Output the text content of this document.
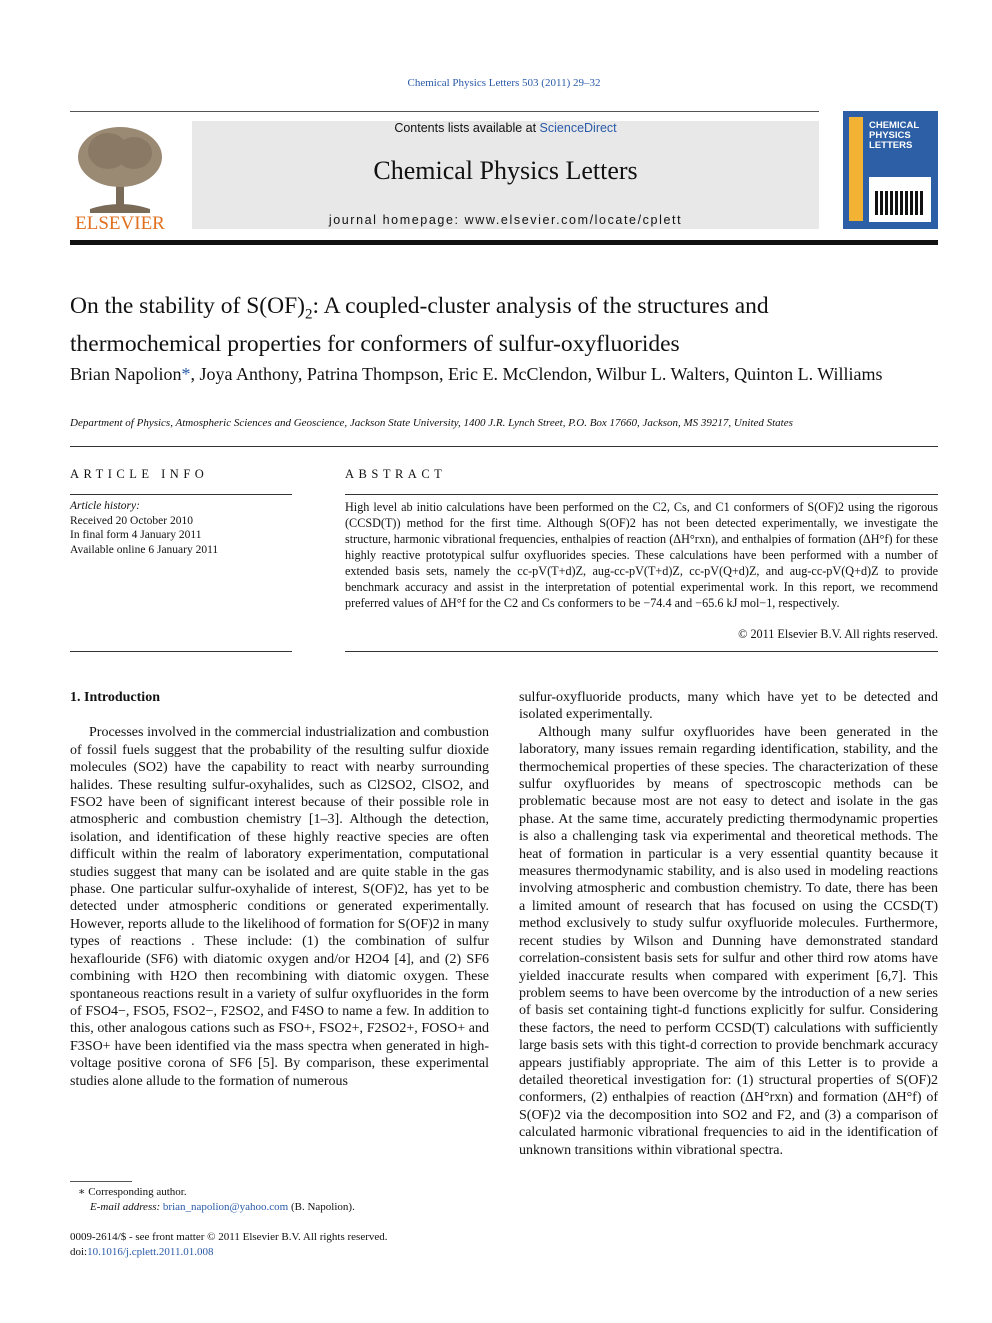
Chemical Physics Letters 503 (2011) 29–32
ELSEVIER
Contents lists available at ScienceDirect
Chemical Physics Letters
journal homepage: www.elsevier.com/locate/cplett
CHEMICAL PHYSICS LETTERS
On the stability of $S(OF)_2$: A coupled-cluster analysis of the structures and thermochemical properties for conformers of sulfur-oxyfluorides
Brian Napolion*, Joya Anthony, Patrina Thompson, Eric E. McClendon, Wilbur L. Walters, Quinton L. Williams
Department of Physics, Atmospheric Sciences and Geoscience, Jackson State University, 1400 J.R. Lynch Street, P.O. Box 17660, Jackson, MS 39217, United States
ARTICLE INFO
Article history:
Received 20 October 2010
In final form 4 January 2011
Available online 6 January 2011
ABSTRACT
High level ab initio calculations have been performed on the C2, Cs, and C1 conformers of S(OF)2 using the rigorous (CCSD(T)) method for the first time. Although S(OF)2 has not been detected experimentally, we investigate the structure, harmonic vibrational frequencies, enthalpies of reaction (ΔH°rxn), and enthalpies of formation (ΔH°f) for these highly reactive prototypical sulfur oxyfluorides species. These calculations have been performed with a number of extended basis sets, namely the cc-pV(T+d)Z, aug-cc-pV(T+d)Z, cc-pV(Q+d)Z, and aug-cc-pV(Q+d)Z to provide benchmark accuracy and assist in the interpretation of potential experimental work. In this report, we recommend preferred values of ΔH°f for the C2 and Cs conformers to be −74.4 and −65.6 kJ mol−1, respectively.
© 2011 Elsevier B.V. All rights reserved.

1. Introduction

Processes involved in the commercial industrialization and combustion of fossil fuels suggest that the probability of the resulting sulfur dioxide molecules (SO2) have the capability to react with nearby surrounding halides. These resulting sulfur-oxyhalides, such as Cl2SO2, ClSO2, and FSO2 have been of significant interest because of their possible role in atmospheric and combustion chemistry [1–3]. Although the detection, isolation, and identification of these highly reactive species are often difficult within the realm of laboratory experimentation, computational studies suggest that many can be isolated and are quite stable in the gas phase. One particular sulfur-oxyhalide of interest, S(OF)2, has yet to be detected under atmospheric conditions or generated experimentally. However, reports allude to the likelihood of formation for S(OF)2 in many types of reactions . These include: (1) the combination of sulfur hexaflouride (SF6) with diatomic oxygen and/or H2O4 [4], and (2) SF6 combining with H2O then recombining with diatomic oxygen. These spontaneous reactions result in a variety of sulfur oxyfluorides in the form of FSO4−, FSO5, FSO2−, F2SO2, and F4SO to name a few. In addition to this, other analogous cations such as FSO+, FSO2+, F2SO2+, FOSO+ and F3SO+ have been identified via the mass spectra when generated in high-voltage positive corona of SF6 [5]. By comparison, these experimental studies alone allude to the formation of numerous

sulfur-oxyfluoride products, many which have yet to be detected and isolated experimentally.

Although many sulfur oxyfluorides have been generated in the laboratory, many issues remain regarding identification, stability, and the thermochemical properties of these species. The characterization of these sulfur oxyfluorides by means of spectroscopic methods can be problematic because most are not easy to detect and isolate in the gas phase. At the same time, accurately predicting thermodynamic properties is also a challenging task via experimental and theoretical methods. The heat of formation in particular is a very essential quantity because it measures thermodynamic stability, and is also used in modeling reactions involving atmospheric and combustion chemistry. To date, there has been a limited amount of research that has focused on using the CCSD(T) method exclusively to study sulfur oxyfluoride molecules. Furthermore, recent studies by Wilson and Dunning have demonstrated standard correlation-consistent basis sets for sulfur and other third row atoms have yielded inaccurate results when compared with experiment [6,7]. This problem seems to have been overcome by the introduction of a new series of basis set containing tight-d functions explicitly for sulfur. Considering these factors, the need to perform CCSD(T) calculations with sufficiently large basis sets with this tight-d correction to provide benchmark accuracy appears justifiably appropriate. The aim of this Letter is to provide a detailed theoretical investigation for: (1) structural properties of S(OF)2 conformers, (2) enthalpies of reaction (ΔH°rxn) and formation (ΔH°f) of S(OF)2 via the decomposition into SO2 and F2, and (3) a comparison of calculated harmonic vibrational frequencies to aid in the identification of unknown transitions within vibrational spectra.

∗ Corresponding author.
E-mail address: brian_napolion@yahoo.com (B. Napolion).
0009-2614/$ - see front matter © 2011 Elsevier B.V. All rights reserved.
doi:10.1016/j.cplett.2011.01.008
